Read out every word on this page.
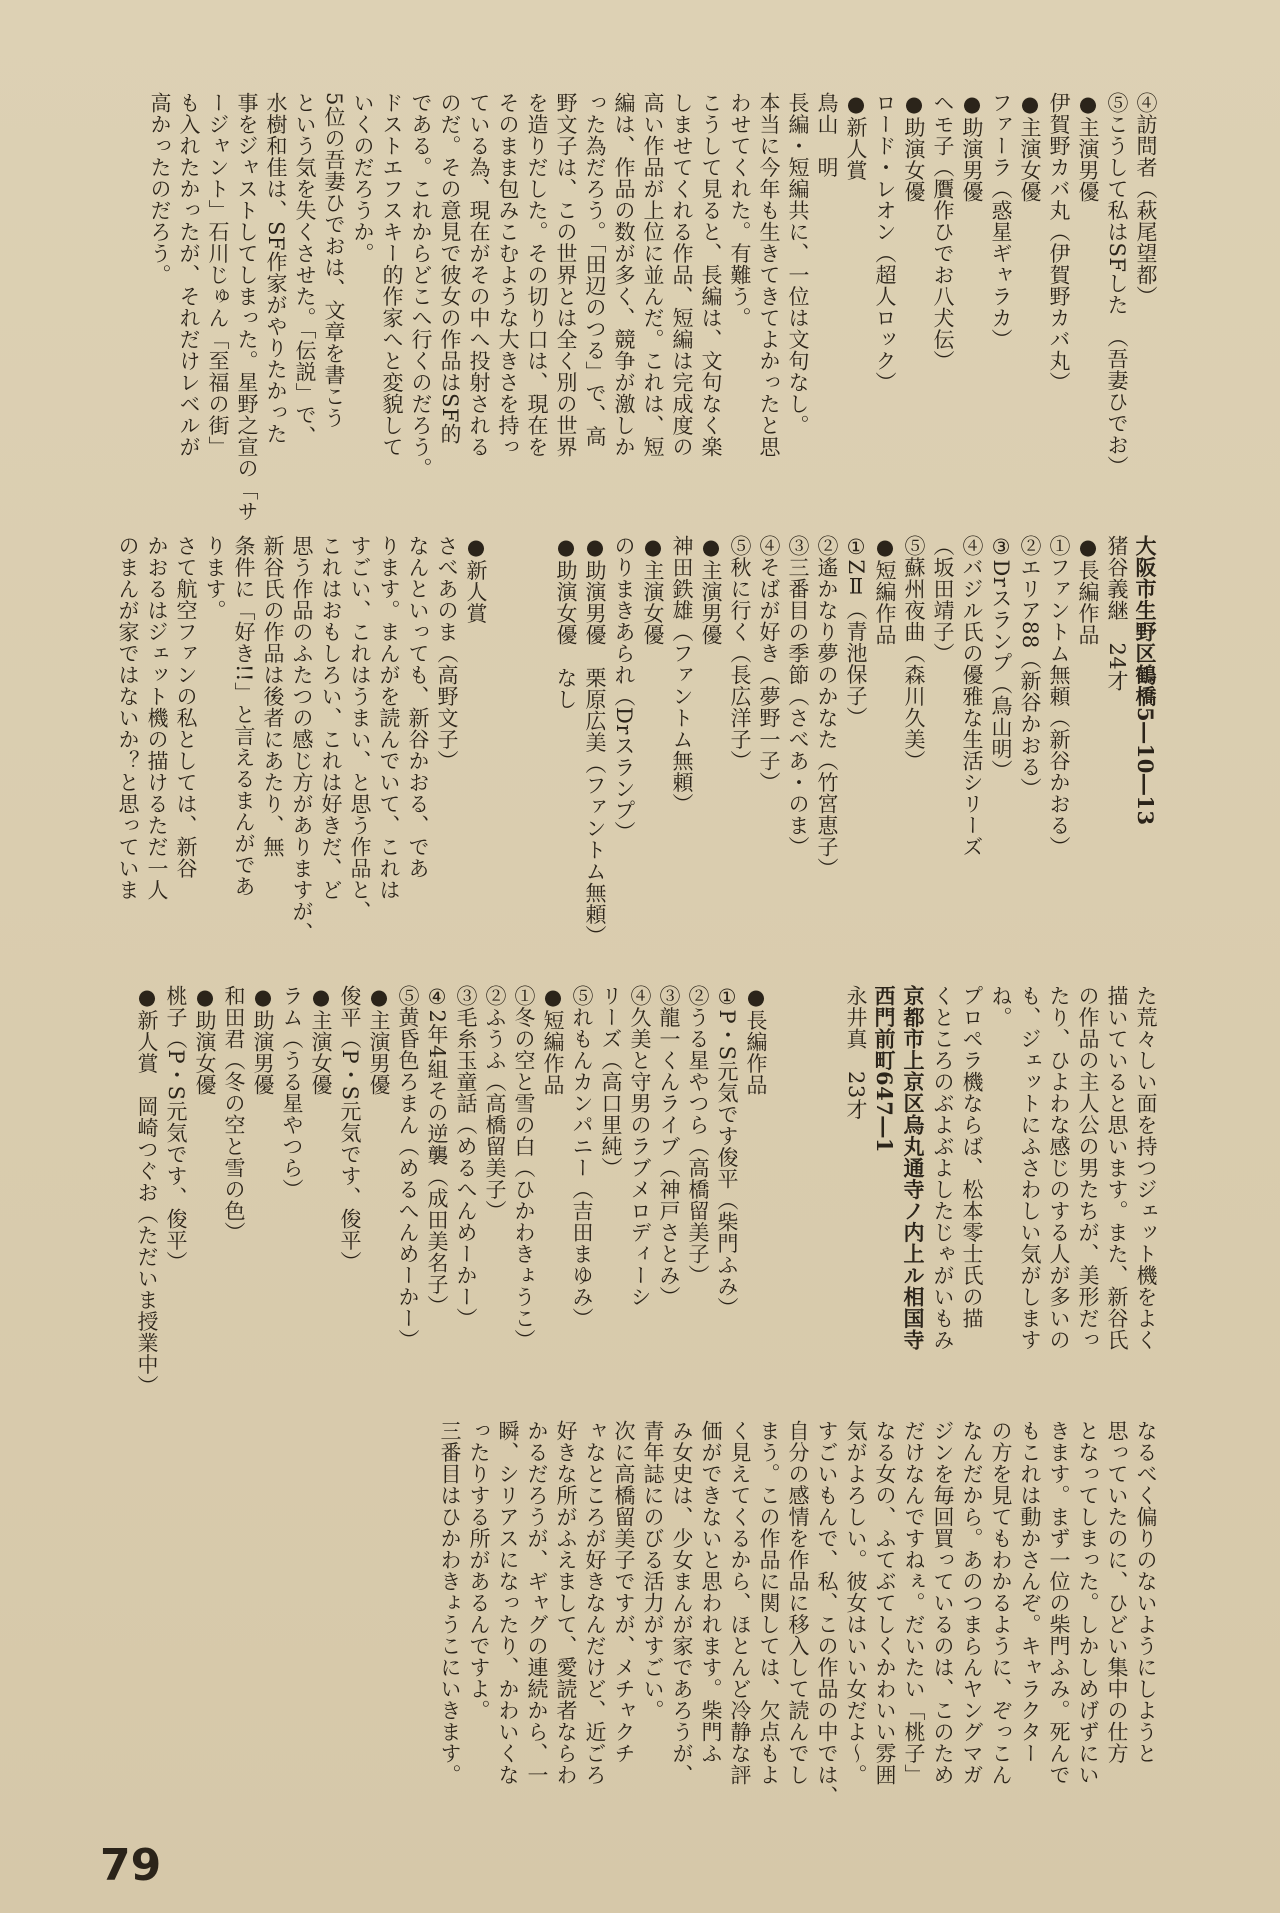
④訪問者（萩尾望都）

⑤こうして私はSFした　（吾妻ひでお）

●主演男優

伊賀野カバ丸（伊賀野カバ丸）

●主演女優

ファーラ（惑星ギャラカ）

●助演男優

ヘモ子（贋作ひでお八犬伝）

●助演女優

ロード・レオン（超人ロック）

●新人賞

鳥山　明

長編・短編共に、一位は文句なし。

本当に今年も生きてきてよかったと思

わせてくれた。有難う。

こうして見ると、長編は、文句なく楽

しませてくれる作品、短編は完成度の

高い作品が上位に並んだ。これは、短

編は、作品の数が多く、競争が激しか

った為だろう。「田辺のつる」で、高

野文子は、この世界とは全く別の世界

を造りだした。その切り口は、現在を

そのまま包みこむような大きさを持っ

ている為、現在がその中へ投射される

のだ。その意見で彼女の作品はSF的

である。これからどこへ行くのだろう。

ドストエフスキー的作家へと変貌して

いくのだろうか。

5位の吾妻ひでおは、文章を書こう

という気を失くさせた。「伝説」で、

水樹和佳は、SF作家がやりたかった

事をジャストしてしまった。星野之宣の「サ

ージャント」石川じゅん「至福の街」

も入れたかったが、それだけレベルが

高かったのだろう。

大阪市生野区鶴橋5―10―13

猪谷義継　24才

●長編作品

①ファントム無頼（新谷かおる）

②エリア88（新谷かおる）

③Drスランプ（鳥山明）

④バジル氏の優雅な生活シリーズ

（坂田靖子）

⑤蘇州夜曲（森川久美）

●短編作品

①ZⅡ（青池保子）

②遙かなり夢のかなた（竹宮恵子）

③三番目の季節（さべあ・のま）

④そばが好き（夢野一子）

⑤秋に行く（長広洋子）

●主演男優

神田鉄雄（ファントム無頼）

●主演女優

のりまきあられ（Drスランプ）

●助演男優　栗原広美（ファントム無頼）

●助演女優　なし

●新人賞

さべあのま（高野文子）

なんといっても、新谷かおる、であ

ります。まんがを読んでいて、これは

すごい、これはうまい、と思う作品と、

これはおもしろい、これは好きだ、ど

思う作品のふたつの感じ方がありますが、

新谷氏の作品は後者にあたり、無

条件に「好き!!」と言えるまんがであ

ります。

さて航空ファンの私としては、新谷

かおるはジェット機の描けるただ一人

のまんが家ではないか？と思っていま

た荒々しい面を持つジェット機をよく

描いていると思います。また、新谷氏

の作品の主人公の男たちが、美形だっ

たり、ひよわな感じのする人が多いの

も、ジェットにふさわしい気がします

ね。

プロペラ機ならば、松本零士氏の描

くところのぶよぶよしたじゃがいもみ

京都市上京区烏丸通寺ノ内上ル相国寺

西門前町647―1

永井真　23才

●長編作品

①P・S元気です俊平（柴門ふみ）

②うる星やつら（高橋留美子）

③龍一くんライブ（神戸さとみ）

④久美と守男のラブメロディーシ

リーズ（高口里純）

⑤れもんカンパニー（吉田まゆみ）

●短編作品

①冬の空と雪の白（ひかわきょうこ）

②ふうふ（高橋留美子）

③毛糸玉童話（めるへんめーかー）

④2年4組その逆襲（成田美名子）

⑤黄昏色ろまん（めるへんめーかー）

●主演男優

俊平（P・S元気です、俊平）

●主演女優

ラム（うる星やつら）

●助演男優

和田君（冬の空と雪の色）

●助演女優

桃子（P・S元気です、俊平）

●新人賞　岡崎つぐお（ただいま授業中）

なるべく偏りのないようにしようと

思っていたのに、ひどい集中の仕方

となってしまった。しかしめげずにい

きます。まず一位の柴門ふみ。死んで

もこれは動かさんぞ。キャラクター

の方を見てもわかるように、ぞっこん

なんだから。あのつまらんヤングマガ

ジンを毎回買っているのは、このため

だけなんですねぇ。だいたい「桃子」

なる女の、ふてぶてしくかわいい雰囲

気がよろしい。彼女はいい女だよ～。

すごいもんで、私、この作品の中では、

自分の感情を作品に移入して読んでし

まう。この作品に関しては、欠点もよ

く見えてくるから、ほとんど冷静な評

価ができないと思われます。柴門ふ

み女史は、少女まんが家であろうが、

青年誌にのびる活力がすごい。

次に高橋留美子ですが、メチャクチ

ャなところが好きなんだけど、近ごろ

好きな所がふえまして、愛読者ならわ

かるだろうが、ギャグの連続から、一

瞬、シリアスになったり、かわいくな

ったりする所があるんですよ。

三番目はひかわきょうこにいきます。

79
